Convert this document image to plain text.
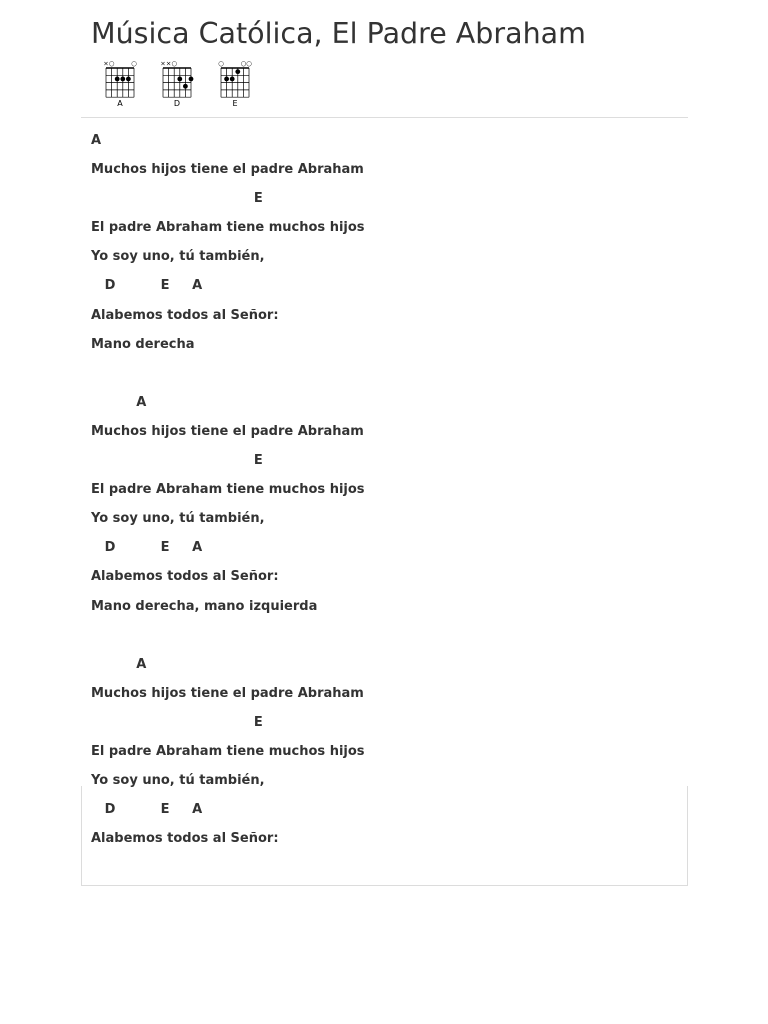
Música Católica, El Padre Abraham
× ○	○
A
× × ○
D
○	○ ○
E
A
Muchos hijos tiene el padre Abraham
E
El padre Abraham tiene muchos hijos
Yo soy uno, tú también,
D          E     A
Alabemos todos al Señor:
Mano derecha
A
Muchos hijos tiene el padre Abraham
E
El padre Abraham tiene muchos hijos
Yo soy uno, tú también,
D          E     A
Alabemos todos al Señor:
Mano derecha, mano izquierda
A
Muchos hijos tiene el padre Abraham
E
El padre Abraham tiene muchos hijos
Yo soy uno, tú también,
D          E     A
Alabemos todos al Señor:
